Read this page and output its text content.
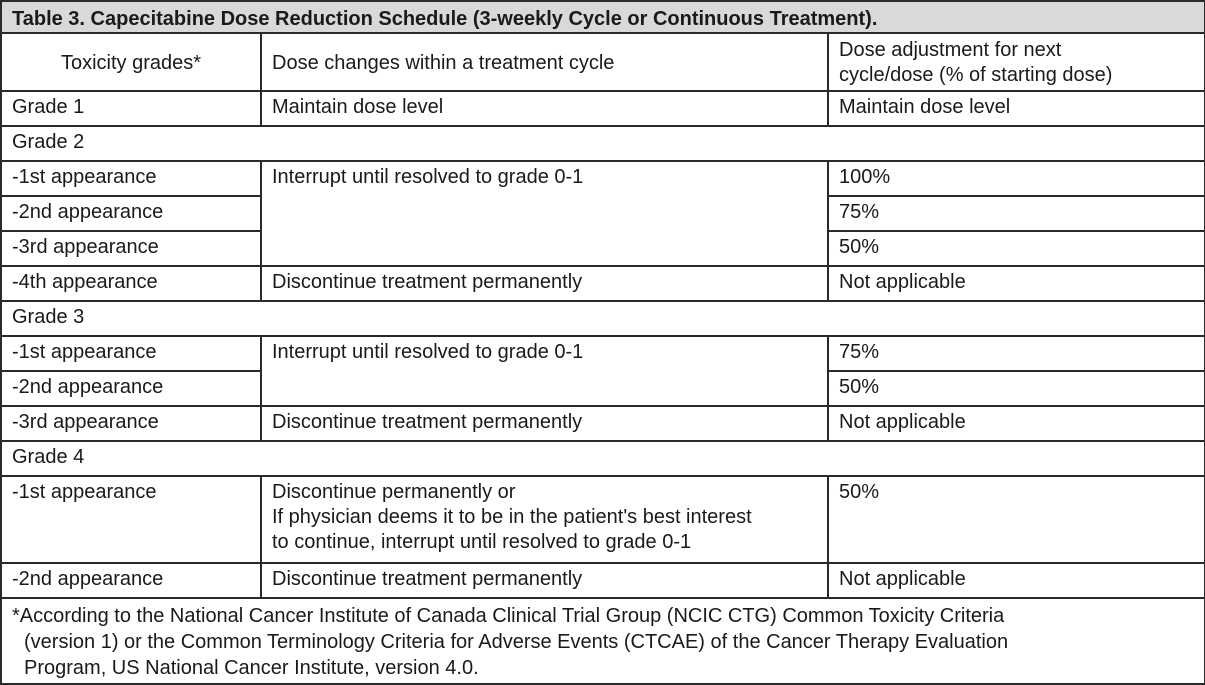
Table 3. Capecitabine Dose Reduction Schedule (3-weekly Cycle or Continuous Treatment).		
Toxicity grades*	Dose changes within a treatment cycle	Dose adjustment for next
cycle/dose (% of starting dose)

Grade 1	Maintain dose level	Maintain dose level
Grade 2		
-1st appearance	Interrupt until resolved to grade 0-1	100%
-2nd appearance		75%
-3rd appearance		50%
-4th appearance	Discontinue treatment permanently	Not applicable
Grade 3		
-1st appearance	Interrupt until resolved to grade 0-1	75%
-2nd appearance		50%
-3rd appearance	Discontinue treatment permanently	Not applicable
Grade 4		
-1st appearance	Discontinue permanently or
If physician deems it to be in the patient's best interest
to continue, interrupt until resolved to grade 0-1	50%
-2nd appearance	Discontinue treatment permanently	Not applicable

*According to the National Cancer Institute of Canada Clinical Trial Group (NCIC CTG) Common Toxicity Criteria
(version 1) or the Common Terminology Criteria for Adverse Events (CTCAE) of the Cancer Therapy Evaluation
Program, US National Cancer Institute, version 4.0.		
